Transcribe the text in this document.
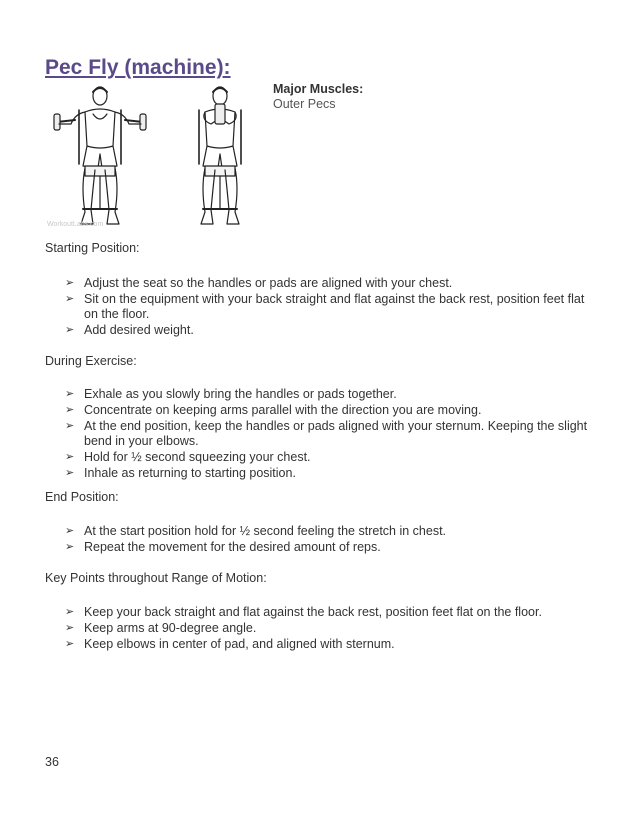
Pec Fly (machine):
WorkoutLabs.com
Major Muscles:
Outer Pecs
Starting Position:
➢ Adjust the seat so the handles or pads are aligned with your chest.
➢ Sit on the equipment with your back straight and flat against the back rest, position feet flat on the floor.
➢ Add desired weight.
During Exercise:
➢ Exhale as you slowly bring the handles or pads together.
➢ Concentrate on keeping arms parallel with the direction you are moving.
➢ At the end position, keep the handles or pads aligned with your sternum. Keeping the slight bend in your elbows.
➢ Hold for ½ second squeezing your chest.
➢ Inhale as returning to starting position.
End Position:
➢ At the start position hold for ½ second feeling the stretch in chest.
➢ Repeat the movement for the desired amount of reps.
Key Points throughout Range of Motion:
➢ Keep your back straight and flat against the back rest, position feet flat on the floor.
➢ Keep arms at 90-degree angle.
➢ Keep elbows in center of pad, and aligned with sternum.
36
